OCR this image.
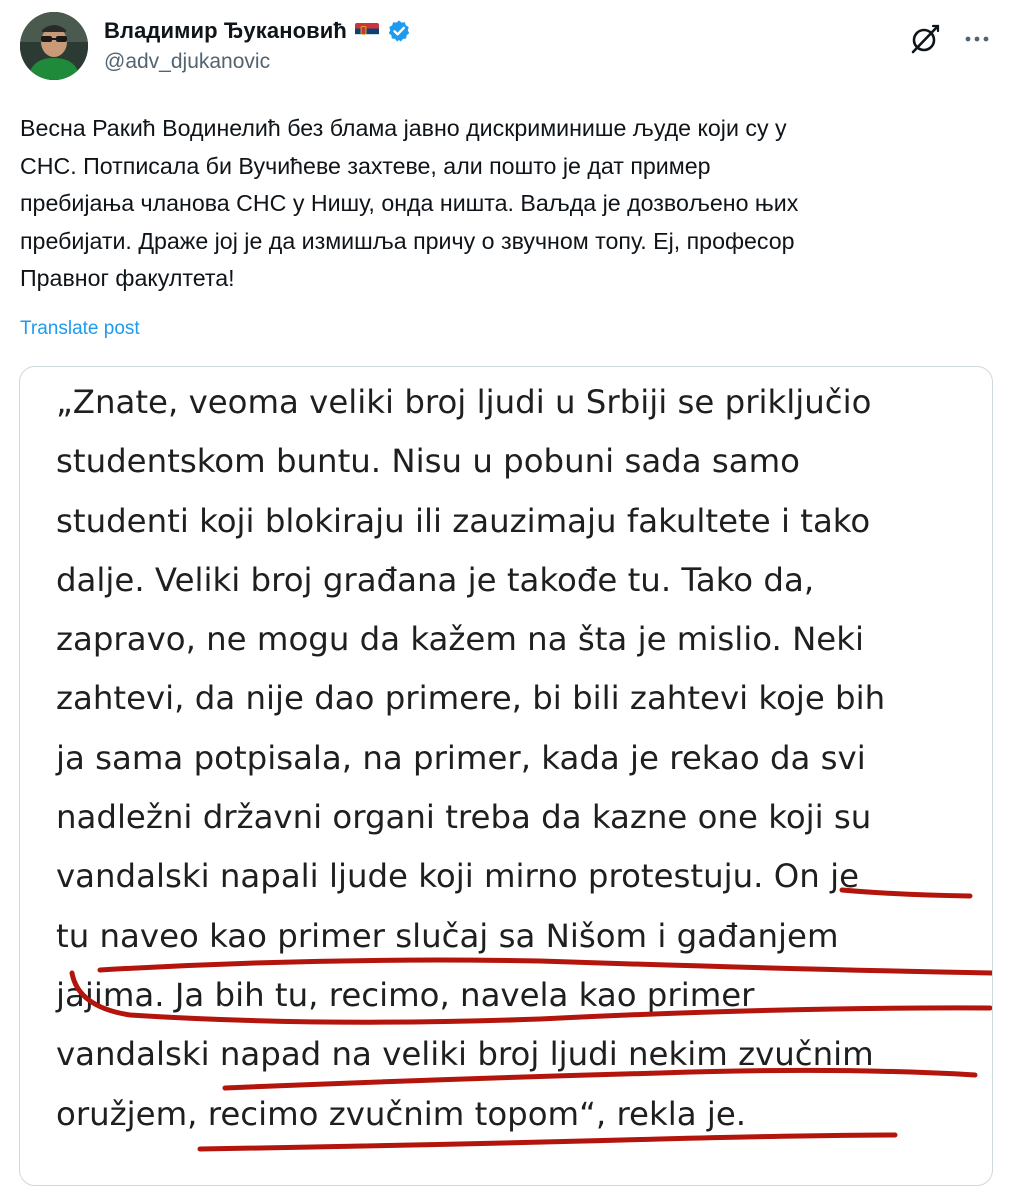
Владимир Ђукановић
@adv_djukanovic
Весна Ракић Водинелић без блама јавно дискриминише људе који су у
СНС. Потписала би Вучићеве захтеве, али пошто је дат пример
пребијања чланова СНС у Нишу, онда ништа. Ваљда је дозвољено њих
пребијати. Драже јој је да измишља причу о звучном топу. Еј, професор
Правног факултета!
Translate post
„Znate, veoma veliki broj ljudi u Srbiji se priključio
studentskom buntu. Nisu u pobuni sada samo
studenti koji blokiraju ili zauzimaju fakultete i tako
dalje. Veliki broj građana je takođe tu. Tako da,
zapravo, ne mogu da kažem na šta je mislio. Neki
zahtevi, da nije dao primere, bi bili zahtevi koje bih
ja sama potpisala, na primer, kada je rekao da svi
nadležni državni organi treba da kazne one koji su
vandalski napali ljude koji mirno protestuju. On je
tu naveo kao primer slučaj sa Nišom i gađanjem
jajima. Ja bih tu, recimo, navela kao primer
vandalski napad na veliki broj ljudi nekim zvučnim
oružjem, recimo zvučnim topom“, rekla je.
